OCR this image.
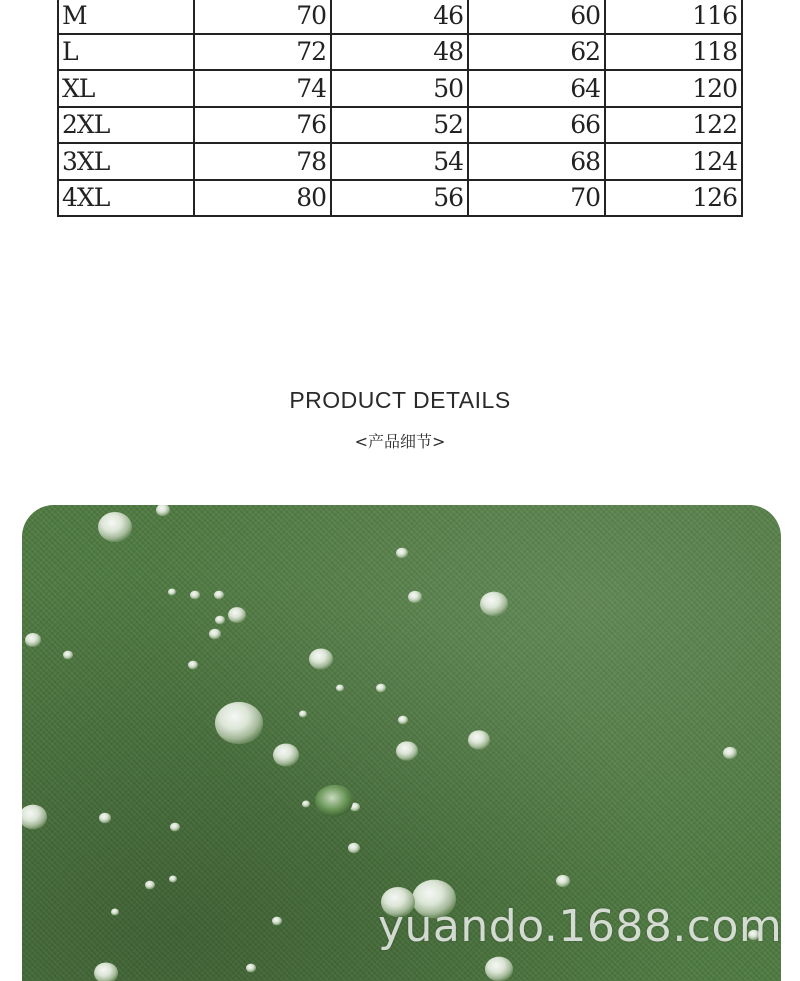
M	70	46	60	116
L	72	48	62	118
XL	74	50	64	120
2XL	76	52	66	122
3XL	78	54	68	124
4XL	80	56	70	126
PRODUCT DETAILS
<产品细节>
yuando.1688.com
